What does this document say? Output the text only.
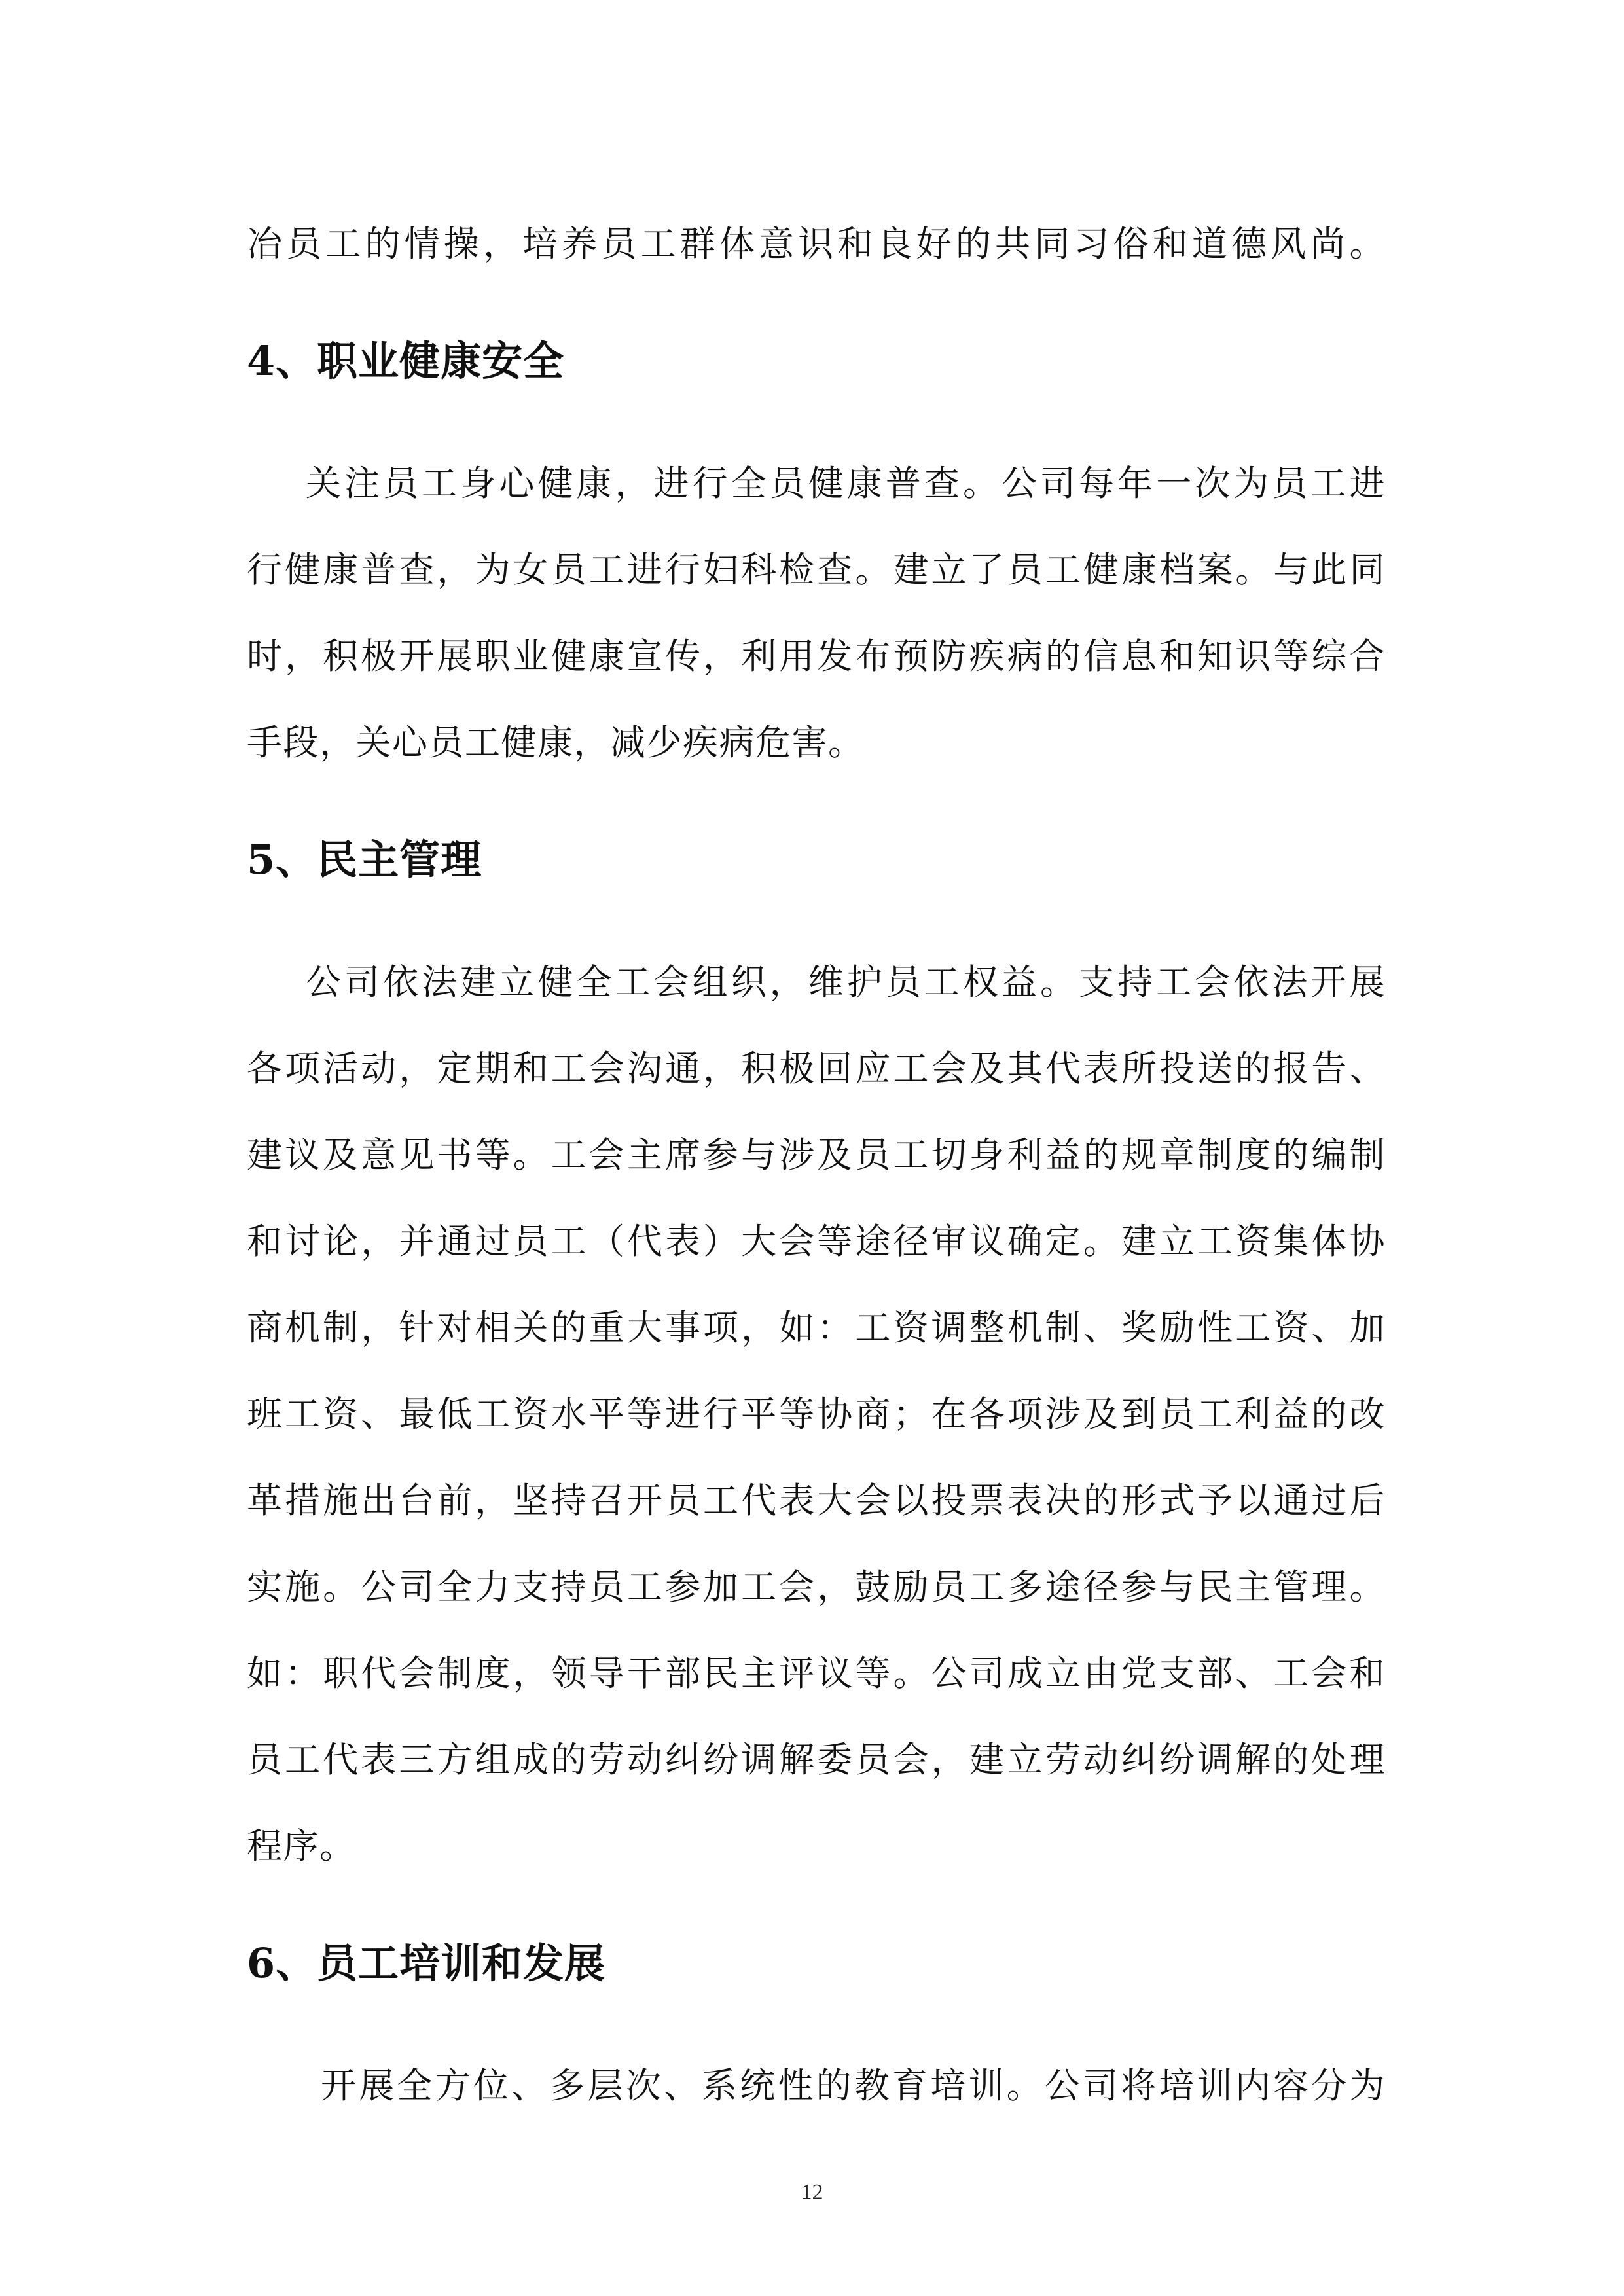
冶员工的情操，培养员工群体意识和良好的共同习俗和道德风尚。
4、职业健康安全
关注员工身心健康，进行全员健康普查。公司每年一次为员工进
行健康普查，为女员工进行妇科检查。建立了员工健康档案。与此同
时，积极开展职业健康宣传，利用发布预防疾病的信息和知识等综合
手段，关心员工健康，减少疾病危害。
5、民主管理
公司依法建立健全工会组织，维护员工权益。支持工会依法开展
各项活动，定期和工会沟通，积极回应工会及其代表所投送的报告、
建议及意见书等。工会主席参与涉及员工切身利益的规章制度的编制
和讨论，并通过员工（代表）大会等途径审议确定。建立工资集体协
商机制，针对相关的重大事项，如：工资调整机制、奖励性工资、加
班工资、最低工资水平等进行平等协商；在各项涉及到员工利益的改
革措施出台前，坚持召开员工代表大会以投票表决的形式予以通过后
实施。公司全力支持员工参加工会，鼓励员工多途径参与民主管理。
如：职代会制度，领导干部民主评议等。公司成立由党支部、工会和
员工代表三方组成的劳动纠纷调解委员会，建立劳动纠纷调解的处理
程序。
6、员工培训和发展
开展全方位、多层次、系统性的教育培训。公司将培训内容分为
12
